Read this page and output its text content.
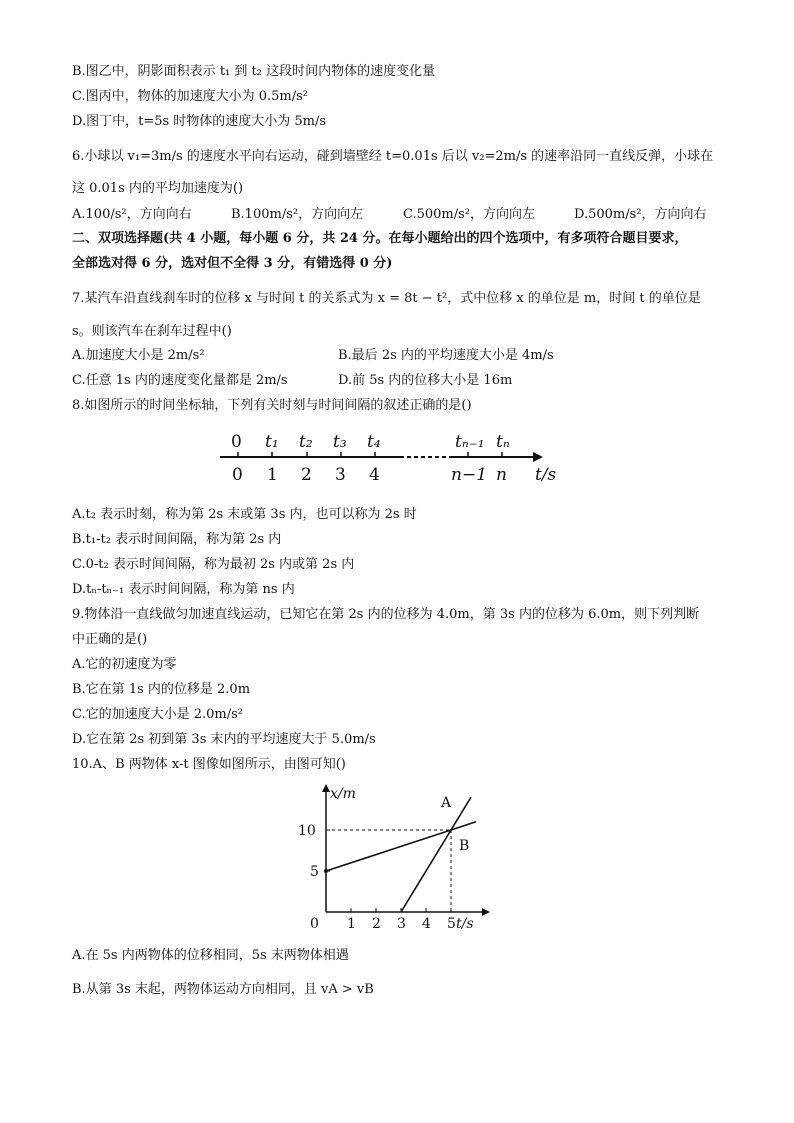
B.图乙中，阴影面积表示 t₁ 到 t₂ 这段时间内物体的速度变化量
C.图丙中，物体的加速度大小为 0.5m/s²
D.图丁中，t=5s 时物体的速度大小为 5m/s
6.小球以 v₁=3m/s 的速度水平向右运动，碰到墙壁经 t=0.01s 后以 v₂=2m/s 的速率沿同一直线反弹，小球在
这 0.01s 内的平均加速度为()
A.100/s²，方向向右	B.100m/s²，方向向左	C.500m/s²，方向向左	D.500m/s²，方向向右
二、双项选择题(共 4 小题，每小题 6 分，共 24 分。在每小题给出的四个选项中，有多项符合题目要求，
全部选对得 6 分，选对但不全得 3 分，有错选得 0 分)
7.某汽车沿直线刹车时的位移 x 与时间 t 的关系式为 x = 8t − t²，式中位移 x 的单位是 m，时间 t 的单位是
s。则该汽车在刹车过程中()
A.加速度大小是 2m/s²	B.最后 2s 内的平均速度大小是 4m/s
C.任意 1s 内的速度变化量都是 2m/s	D.前 5s 内的位移大小是 16m
8.如图所示的时间坐标轴，下列有关时刻与时间间隔的叙述正确的是()
0 t₁ t₂ t₃ t₄	tₙ₋₁ tₙ
0 1 2 3 4	n−1 n t/s
A.t₂ 表示时刻，称为第 2s 末或第 3s 内，也可以称为 2s 时
B.t₁-t₂ 表示时间间隔，称为第 2s 内
C.0-t₂ 表示时间间隔，称为最初 2s 内或第 2s 内
D.tₙ-tₙ₋₁ 表示时间间隔，称为第 ns 内
9.物体沿一直线做匀加速直线运动，已知它在第 2s 内的位移为 4.0m，第 3s 内的位移为 6.0m，则下列判断
中正确的是()
A.它的初速度为零
B.它在第 1s 内的位移是 2.0m
C.它的加速度大小是 2.0m/s²
D.它在第 2s 初到第 3s 末内的平均速度大于 5.0m/s
10.A、B 两物体 x-t 图像如图所示，由图可知()
0 1 2 3 4 5
5
10
A
B
x/m
t/s
A.在 5s 内两物体的位移相同，5s 末两物体相遇
B.从第 3s 末起，两物体运动方向相同，且 vA > vB
